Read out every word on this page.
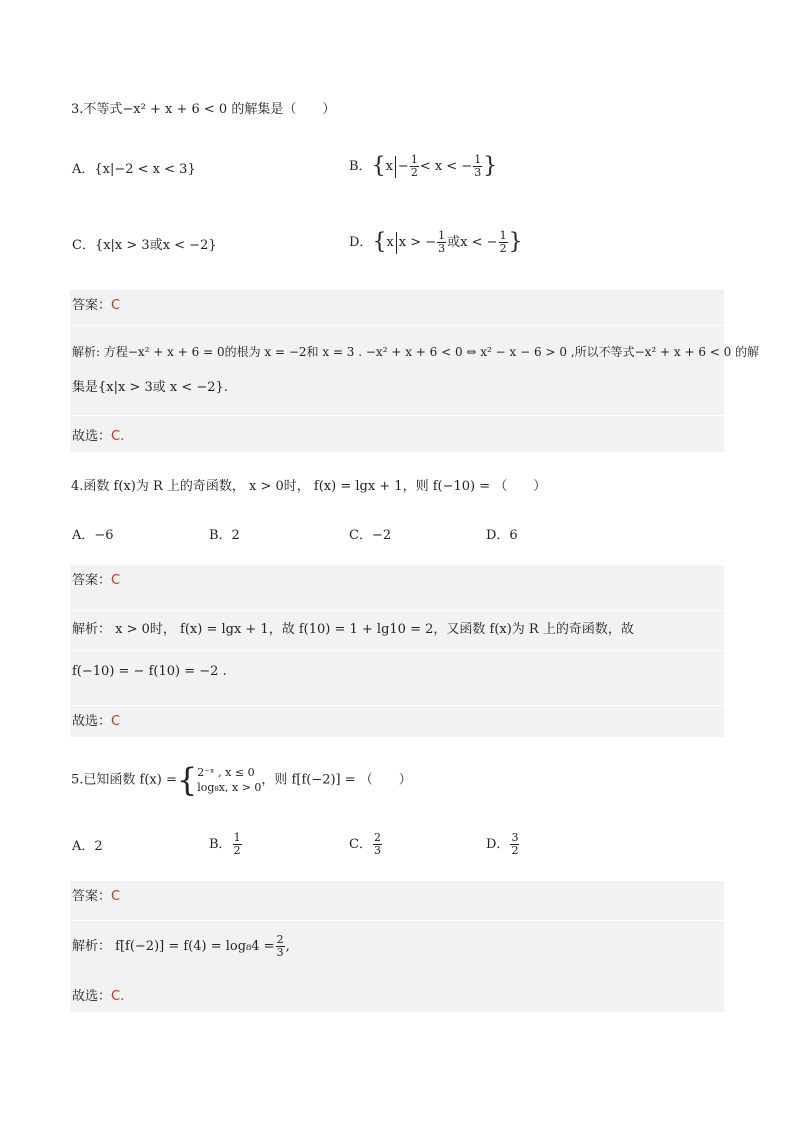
3.不等式−x² + x + 6 < 0 的解集是（　　）
A．{x|−2 < x < 3}	B．{$x - \frac{1}{2} < x$ < − $\frac{1}{3}$ }
C．{x|x > 3或x < −2}	D．{x x > − $\frac{1}{3}$ 或x < − $\frac{1}{2}$ }
答案：C
解析: 方程−x² + x + 6 = 0的根为 x = −2和 x = 3 . −x² + x + 6 < 0 ⇔ x² − x − 6 > 0 ,所以不等式−x² + x + 6 < 0 的解
集是{x|x > 3或 x < −2}.
故选：C.
4.函数 f(x)为 R 上的奇函数， x > 0时， f(x) = lgx + 1，则 f(−10) = （　　）
A．−6	B．2	C．−2	D．6
答案：C
解析： x > 0时， f(x) = lgx + 1，故 f(10) = 1 + lg10 = 2，又函数 f(x)为 R 上的奇函数，故
f(−10) = − f(10) = −2 .
故选：C
5.已知函数 f(x) ={ 2⁻ˣ , x ≤ 0
log₈x, x > 0 ，则 f[f(−2)] = （　　）
A．2	B． $\frac{1}{2}$	C． $\frac{2}{3}$	D． $\frac{3}{2}$
答案：C
解析： $f[f(-2)] = f(4) = \log_84 = \frac{2}{3}$ ,
故选：C.
